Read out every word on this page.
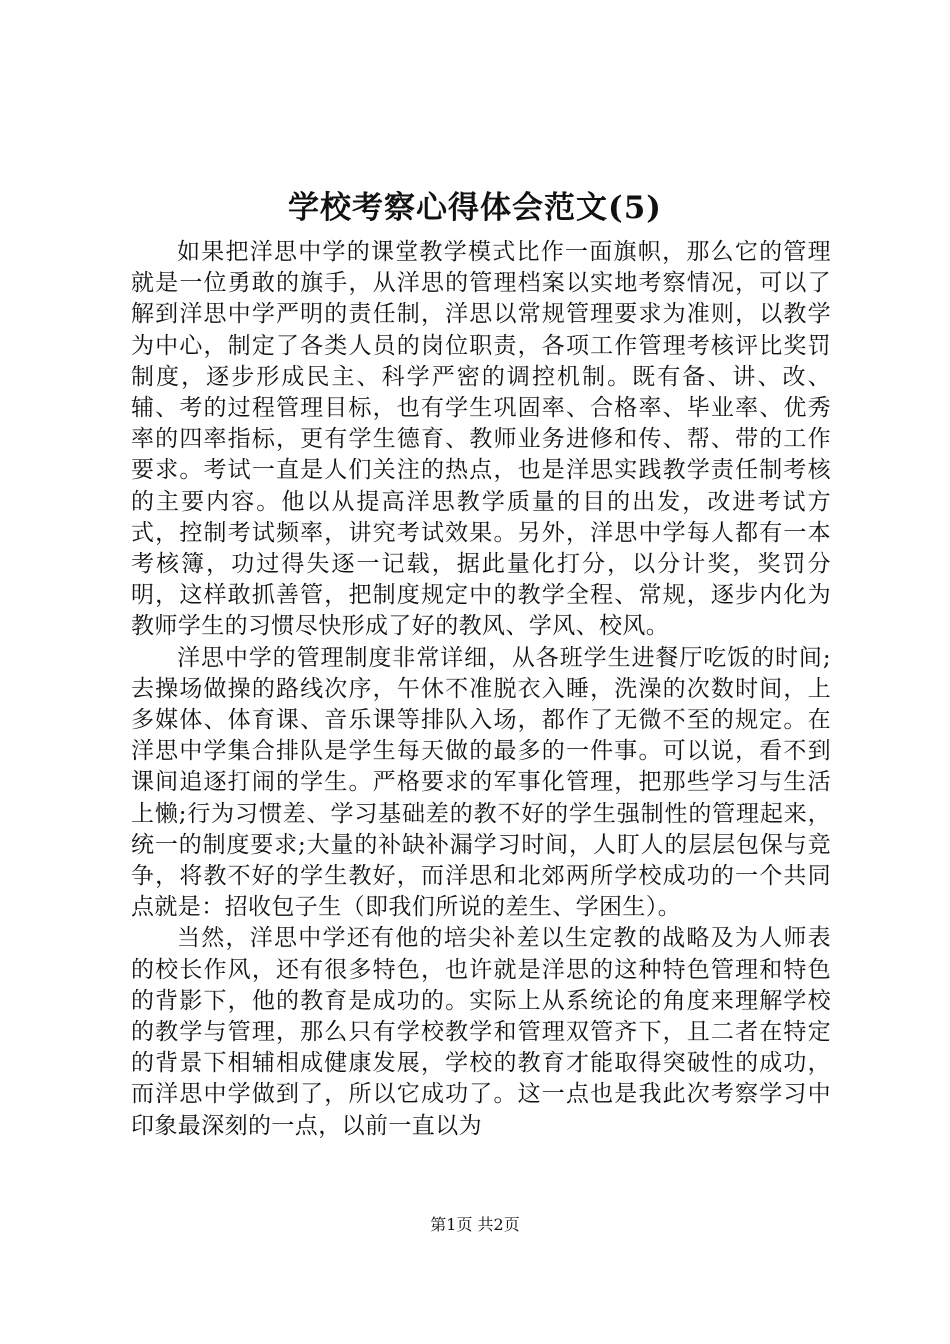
学校考察心得体会范文(5)

如果把洋思中学的课堂教学模式比作一面旗帜，那么它的管理就是一位勇敢的旗手，从洋思的管理档案以实地考察情况，可以了解到洋思中学严明的责任制，洋思以常规管理要求为准则，以教学为中心，制定了各类人员的岗位职责，各项工作管理考核评比奖罚制度，逐步形成民主、科学严密的调控机制。既有备、讲、改、辅、考的过程管理目标，也有学生巩固率、合格率、毕业率、优秀率的四率指标，更有学生德育、教师业务进修和传、帮、带的工作要求。考试一直是人们关注的热点，也是洋思实践教学责任制考核的主要内容。他以从提高洋思教学质量的目的出发，改进考试方式，控制考试频率，讲究考试效果。另外，洋思中学每人都有一本考核簿，功过得失逐一记载，据此量化打分，以分计奖，奖罚分明，这样敢抓善管，把制度规定中的教学全程、常规，逐步内化为教师学生的习惯尽快形成了好的教风、学风、校风。

洋思中学的管理制度非常详细，从各班学生进餐厅吃饭的时间;去操场做操的路线次序，午休不准脱衣入睡，洗澡的次数时间，上多媒体、体育课、音乐课等排队入场，都作了无微不至的规定。在洋思中学集合排队是学生每天做的最多的一件事。可以说，看不到课间追逐打闹的学生。严格要求的军事化管理，把那些学习与生活上懒;行为习惯差、学习基础差的教不好的学生强制性的管理起来，统一的制度要求;大量的补缺补漏学习时间，人盯人的层层包保与竞争，将教不好的学生教好，而洋思和北郊两所学校成功的一个共同点就是：招收包子生（即我们所说的差生、学困生）。

当然，洋思中学还有他的培尖补差以生定教的战略及为人师表的校长作风，还有很多特色，也许就是洋思的这种特色管理和特色的背影下，他的教育是成功的。实际上从系统论的角度来理解学校的教学与管理，那么只有学校教学和管理双管齐下，且二者在特定的背景下相辅相成健康发展，学校的教育才能取得突破性的成功，而洋思中学做到了，所以它成功了。这一点也是我此次考察学习中印象最深刻的一点，以前一直以为

第1页 共2页
